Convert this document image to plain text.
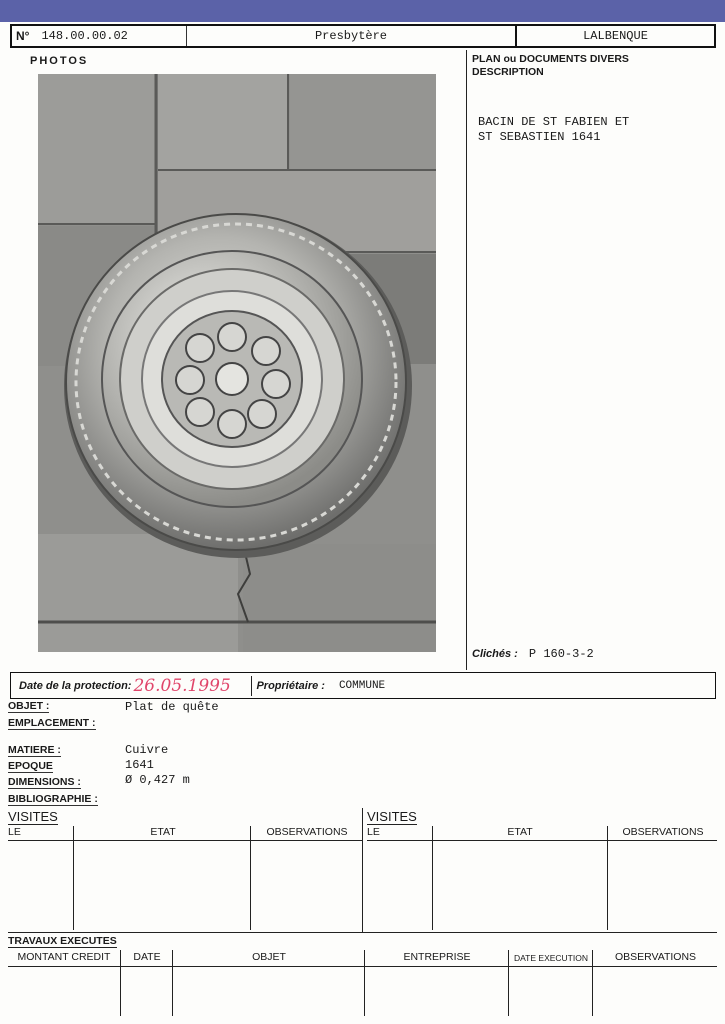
N° 148.00.00.02	Presbytère	LALBENQUE
PHOTOS	PLAN ou DOCUMENTS DIVERS
DESCRIPTION
BACIN DE ST FABIEN ET
ST SEBASTIEN 1641
Clichés : P 160-3-2
Date de la protection: 26.05.1995	Propriétaire : COMMUNE
OBJET :	Plat de quête
EMPLACEMENT :
MATIERE :	Cuivre
EPOQUE	1641
DIMENSIONS :	Ø 0,427 m
BIBLIOGRAPHIE :
VISITES
LE	ETAT	OBSERVATIONS
VISITES
LE	ETAT	OBSERVATIONS
TRAVAUX EXECUTES
MONTANT CREDIT	DATE	OBJET	ENTREPRISE	DATE EXECUTION	OBSERVATIONS
